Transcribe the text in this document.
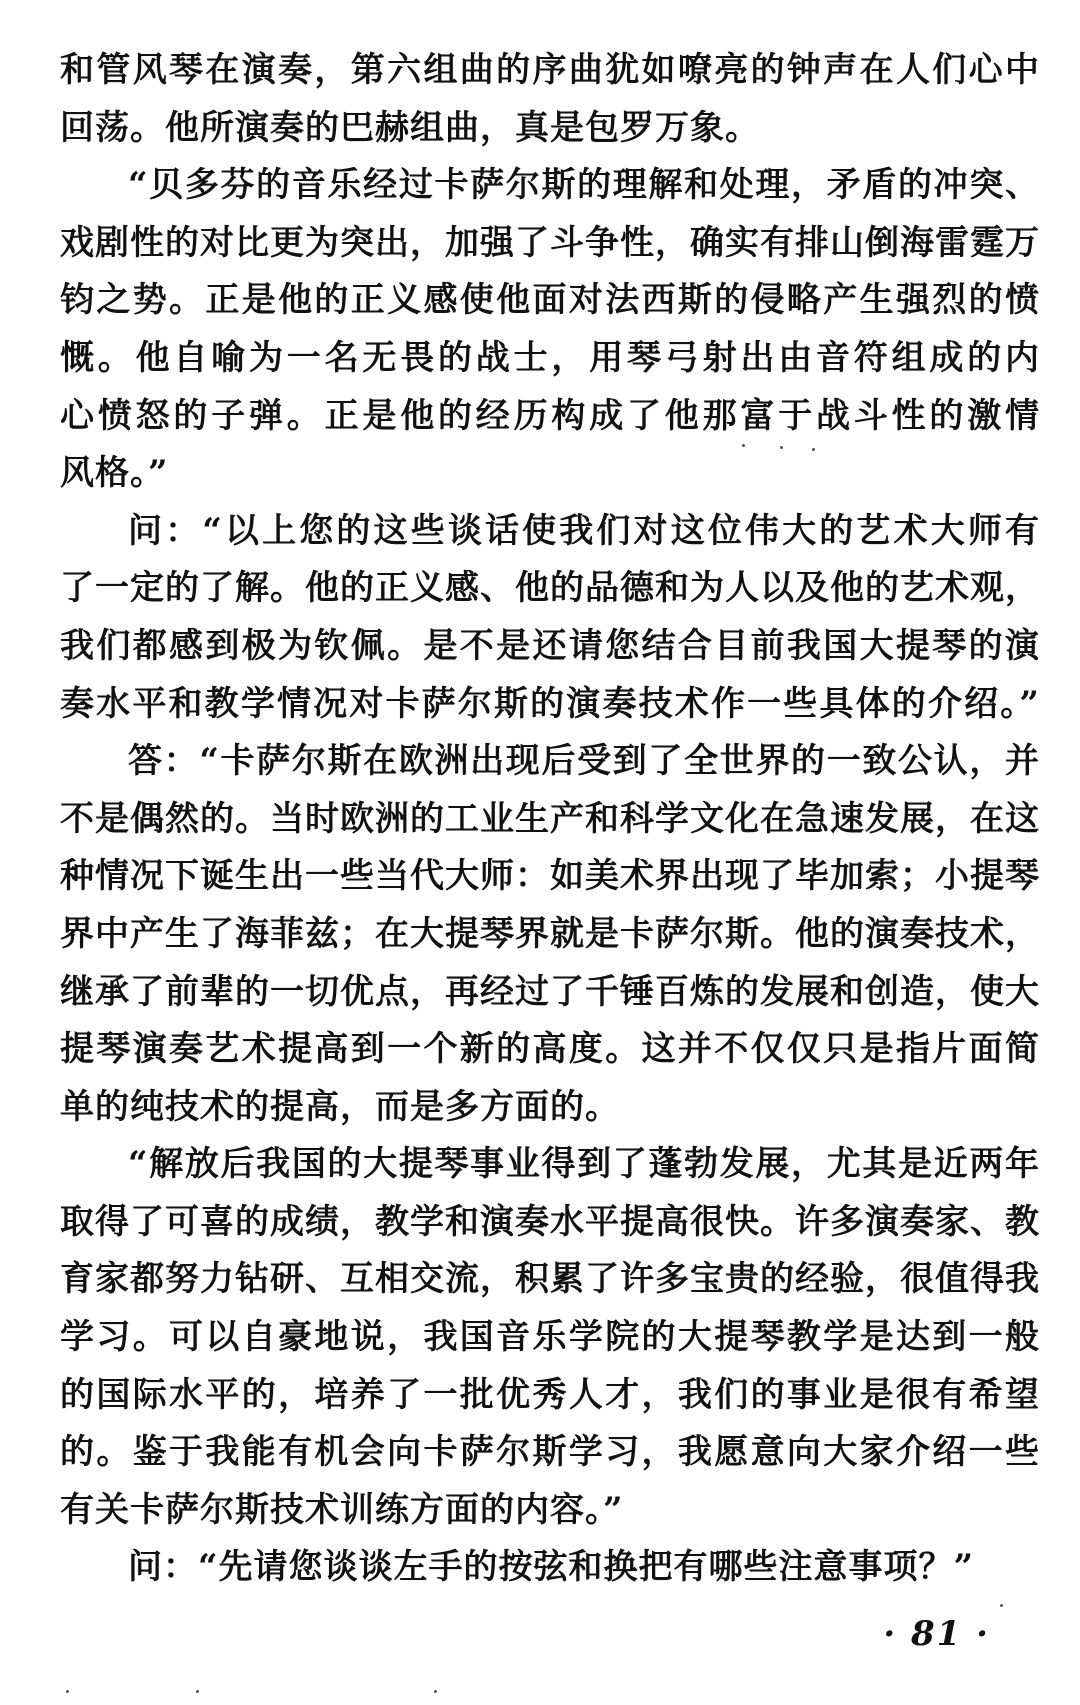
和管风琴在演奏，第六组曲的序曲犹如嘹亮的钟声在人们心中
回荡。他所演奏的巴赫组曲，真是包罗万象。
“贝多芬的音乐经过卡萨尔斯的理解和处理，矛盾的冲突、
戏剧性的对比更为突出，加强了斗争性，确实有排山倒海雷霆万
钧之势。正是他的正义感使他面对法西斯的侵略产生强烈的愤
慨。他自喻为一名无畏的战士，用琴弓射出由音符组成的内
心愤怒的子弹。正是他的经历构成了他那富于战斗性的激情
风格。”
问：“以上您的这些谈话使我们对这位伟大的艺术大师有
了一定的了解。他的正义感、他的品德和为人以及他的艺术观，
我们都感到极为钦佩。是不是还请您结合目前我国大提琴的演
奏水平和教学情况对卡萨尔斯的演奏技术作一些具体的介绍。”
答：“卡萨尔斯在欧洲出现后受到了全世界的一致公认，并
不是偶然的。当时欧洲的工业生产和科学文化在急速发展，在这
种情况下诞生出一些当代大师：如美术界出现了毕加索；小提琴
界中产生了海菲兹；在大提琴界就是卡萨尔斯。他的演奏技术，
继承了前辈的一切优点，再经过了千锤百炼的发展和创造，使大
提琴演奏艺术提高到一个新的高度。这并不仅仅只是指片面简
单的纯技术的提高，而是多方面的。
“解放后我国的大提琴事业得到了蓬勃发展，尤其是近两年
取得了可喜的成绩，教学和演奏水平提高很快。许多演奏家、教
育家都努力钻研、互相交流，积累了许多宝贵的经验，很值得我
学习。可以自豪地说，我国音乐学院的大提琴教学是达到一般
的国际水平的，培养了一批优秀人才，我们的事业是很有希望
的。鉴于我能有机会向卡萨尔斯学习，我愿意向大家介绍一些
有关卡萨尔斯技术训练方面的内容。”
问：“先请您谈谈左手的按弦和换把有哪些注意事项？”
· 81 ·
